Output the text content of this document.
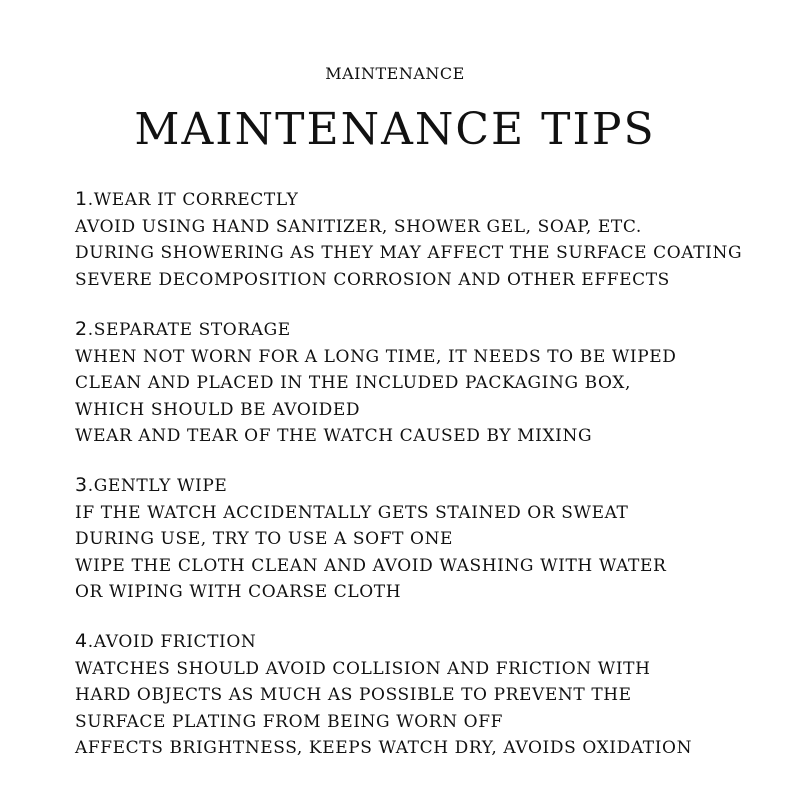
MAINTENANCE
MAINTENANCE TIPS
1.WEAR IT CORRECTLY
AVOID USING HAND SANITIZER, SHOWER GEL, SOAP, ETC.
DURING SHOWERING AS THEY MAY AFFECT THE SURFACE COATING
SEVERE DECOMPOSITION CORROSION AND OTHER EFFECTS
2.SEPARATE STORAGE
WHEN NOT WORN FOR A LONG TIME, IT NEEDS TO BE WIPED
CLEAN AND PLACED IN THE INCLUDED PACKAGING BOX,
WHICH SHOULD BE AVOIDED
WEAR AND TEAR OF THE WATCH CAUSED BY MIXING
3.GENTLY WIPE
IF THE WATCH ACCIDENTALLY GETS STAINED OR SWEAT
DURING USE, TRY TO USE A SOFT ONE
WIPE THE CLOTH CLEAN AND AVOID WASHING WITH WATER
OR WIPING WITH COARSE CLOTH
4.AVOID FRICTION
WATCHES SHOULD AVOID COLLISION AND FRICTION WITH
HARD OBJECTS AS MUCH AS POSSIBLE TO PREVENT THE
SURFACE PLATING FROM BEING WORN OFF
AFFECTS BRIGHTNESS, KEEPS WATCH DRY, AVOIDS OXIDATION
